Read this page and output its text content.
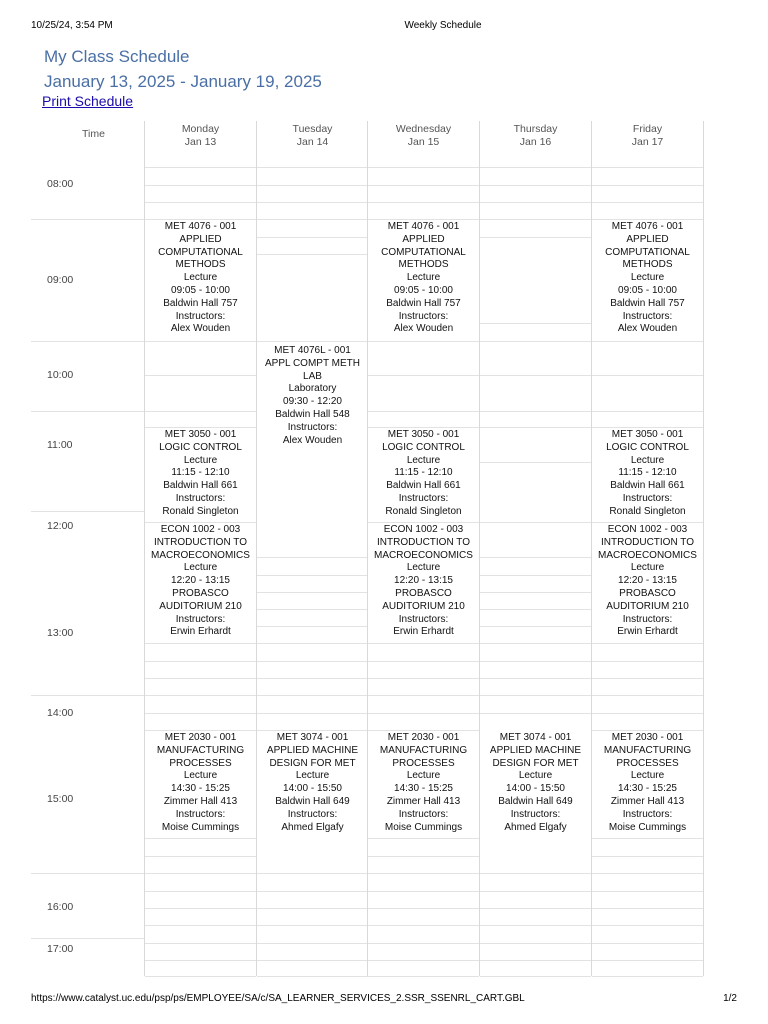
10/25/24, 3:54 PM	Weekly Schedule
My Class Schedule
January 13, 2025 - January 19, 2025
Print Schedule
Time
08:00
09:00
10:00
11:00
12:00
13:00
14:00
15:00
16:00
17:00
Monday
Jan 13
MET 4076 - 001
APPLIED COMPUTATIONAL METHODS
Lecture
09:05 - 10:00
Baldwin Hall 757
Instructors:
Alex Wouden
MET 3050 - 001
LOGIC CONTROL
Lecture
11:15 - 12:10
Baldwin Hall 661
Instructors:
Ronald Singleton
ECON 1002 - 003
INTRODUCTION TO MACROECONOMICS
Lecture
12:20 - 13:15
PROBASCO AUDITORIUM 210
Instructors:
Erwin Erhardt
MET 2030 - 001
MANUFACTURING PROCESSES
Lecture
14:30 - 15:25
Zimmer Hall 413
Instructors:
Moise Cummings
Tuesday
Jan 14
MET 4076L - 001
APPL COMPT METH LAB
Laboratory
09:30 - 12:20
Baldwin Hall 548
Instructors:
Alex Wouden
MET 3074 - 001
APPLIED MACHINE DESIGN FOR MET
Lecture
14:00 - 15:50
Baldwin Hall 649
Instructors:
Ahmed Elgafy
Wednesday
Jan 15
MET 4076 - 001
APPLIED COMPUTATIONAL METHODS
Lecture
09:05 - 10:00
Baldwin Hall 757
Instructors:
Alex Wouden
MET 3050 - 001
LOGIC CONTROL
Lecture
11:15 - 12:10
Baldwin Hall 661
Instructors:
Ronald Singleton
ECON 1002 - 003
INTRODUCTION TO MACROECONOMICS
Lecture
12:20 - 13:15
PROBASCO AUDITORIUM 210
Instructors:
Erwin Erhardt
MET 2030 - 001
MANUFACTURING PROCESSES
Lecture
14:30 - 15:25
Zimmer Hall 413
Instructors:
Moise Cummings
Thursday
Jan 16
MET 3074 - 001
APPLIED MACHINE DESIGN FOR MET
Lecture
14:00 - 15:50
Baldwin Hall 649
Instructors:
Ahmed Elgafy
Friday
Jan 17
MET 4076 - 001
APPLIED COMPUTATIONAL METHODS
Lecture
09:05 - 10:00
Baldwin Hall 757
Instructors:
Alex Wouden
MET 3050 - 001
LOGIC CONTROL
Lecture
11:15 - 12:10
Baldwin Hall 661
Instructors:
Ronald Singleton
ECON 1002 - 003
INTRODUCTION TO MACROECONOMICS
Lecture
12:20 - 13:15
PROBASCO AUDITORIUM 210
Instructors:
Erwin Erhardt
MET 2030 - 001
MANUFACTURING PROCESSES
Lecture
14:30 - 15:25
Zimmer Hall 413
Instructors:
Moise Cummings
https://www.catalyst.uc.edu/psp/ps/EMPLOYEE/SA/c/SA_LEARNER_SERVICES_2.SSR_SSENRL_CART.GBL	1/2
